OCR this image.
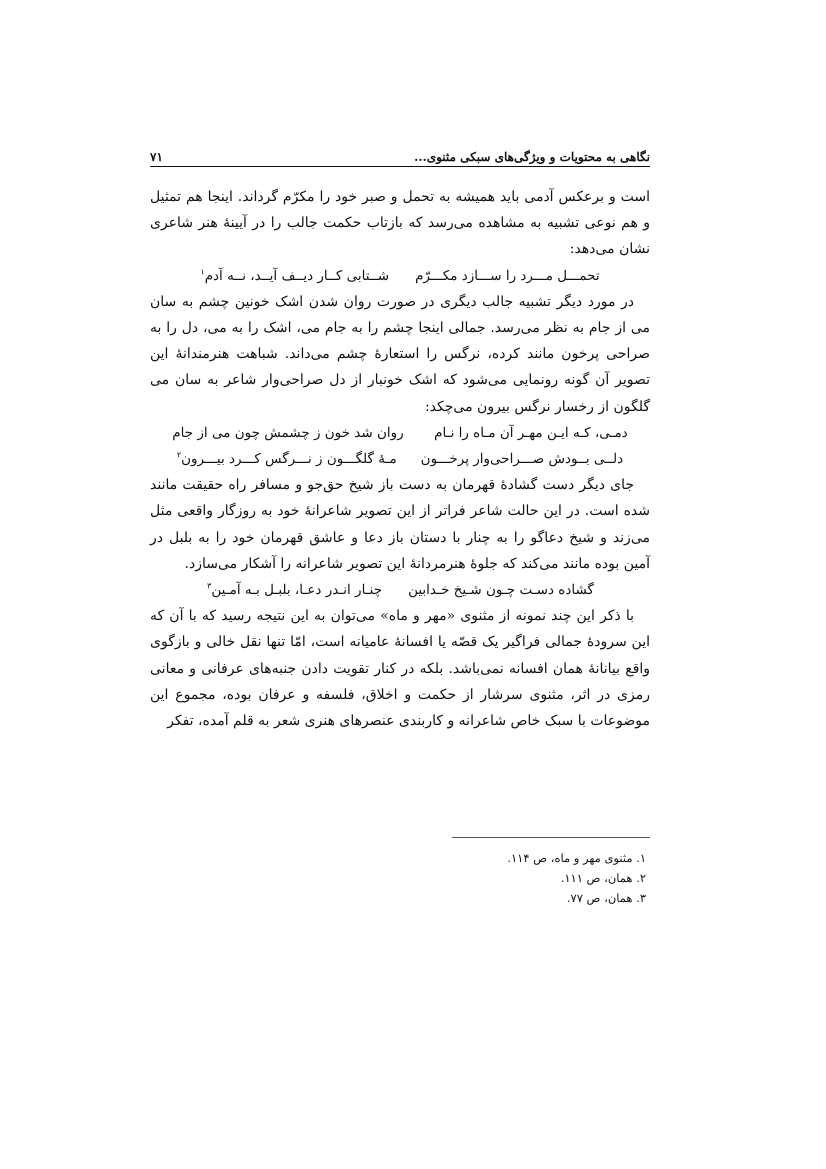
نگاهی به محتویات و ویژگی‌های سبکی مثنوی...
۷۱

است و برعکس آدمی باید همیشه به تحمل و صبر خود را مکرّم گرداند. اینجا هم تمثیل و هم نوعی تشبیه به مشاهده می‌رسد که بازتاب حکمت جالب را در آیینهٔ هنر شاعری نشان می‌دهد:

تحمـــل مـــرد را ســـازد مکـــرّم
شــتابی کــار دیــف آیــد، نــه آدم$^۱$

در مورد دیگر تشبیه جالب دیگری در صورت روان شدن اشک خونین چشم به سان می از جام به نظر می‌رسد. جمالی اینجا چشم را به جام می، اشک را به می، دل را به صراحی پرخون مانند کرده، نرگس را استعارهٔ چشم می‌داند. شباهت هنرمندانهٔ این تصویر آن گونه رونمایی می‌شود که اشک خونبار از دل صراحی‌وار شاعر به سان می گلگون از رخسار نرگس بیرون می‌چکد:

دمـی، کـه ایـن مهـر آن مـاه را نـام
روان شد خون ز چشمش چون می از جام
دلــی بــودش صـــراحی‌وار پرخـــون
مـهٔ گلگـــون ز نـــرگس کـــرد بیـــرون$^۲$

جای دیگر دست گشادهٔ قهرمان به دست باز شیخ حق‌جو و مسافر راه حقیقت مانند شده است. در این حالت شاعر فراتر از این تصویر شاعرانهٔ خود به روزگار واقعی مثل می‌زند و شیخ دعاگو را به چنار با دستان باز دعا و عاشق قهرمان خود را به بلبل در آمین بوده مانند می‌کند که جلوهٔ هنرمردانهٔ این تصویر شاعرانه را آشکار می‌سازد.

گشاده دسـت چـون شـیخ خـدابین
چنـار انـدر دعـا، بلبـل بـه آمـین$^۳$

با ذکر این چند نمونه از مثنوی «مهر و ماه» می‌توان به این نتیجه رسید که با آن که این سرودهٔ جمالی فراگیر یک قصّه یا افسانهٔ عامیانه است، امّا تنها نقل خالی و بازگوی واقع بیانانهٔ همان افسانه نمی‌باشد. بلکه در کنار تقویت دادن جنبه‌های عرفانی و معانی رمزی در اثر، مثنوی سرشار از حکمت و اخلاق، فلسفه و عرفان بوده، مجموع این موضوعات با سبک خاص شاعرانه و کاربندی عنصرهای هنری شعر به قلم آمده، تفکر

۱. مثنوی مهر و ماه، ص ۱۱۴.
۲. همان، ص ۱۱۱.
۳. همان، ص ۷۷.
